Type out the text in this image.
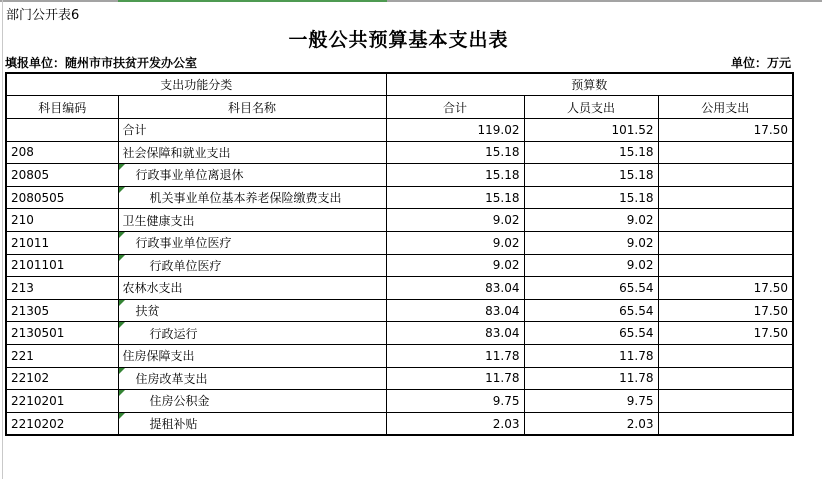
部门公开表6
一般公共预算基本支出表
填报单位：随州市市扶贫开发办公室	单位：万元
支出功能分类		预算数		
科目编码	科目名称	合计	人员支出	公用支出
	合计	119.02	101.52	17.50
208	社会保障和就业支出	15.18	15.18	
20805	行政事业单位离退休	15.18	15.18	
2080505	机关事业单位基本养老保险缴费支出	15.18	15.18	
210	卫生健康支出	9.02	9.02	
21011	行政事业单位医疗	9.02	9.02	
2101101	行政单位医疗	9.02	9.02	
213	农林水支出	83.04	65.54	17.50
21305	扶贫	83.04	65.54	17.50
2130501	行政运行	83.04	65.54	17.50
221	住房保障支出	11.78	11.78	
22102	住房改革支出	11.78	11.78	
2210201	住房公积金	9.75	9.75	
2210202	提租补贴	2.03	2.03	
